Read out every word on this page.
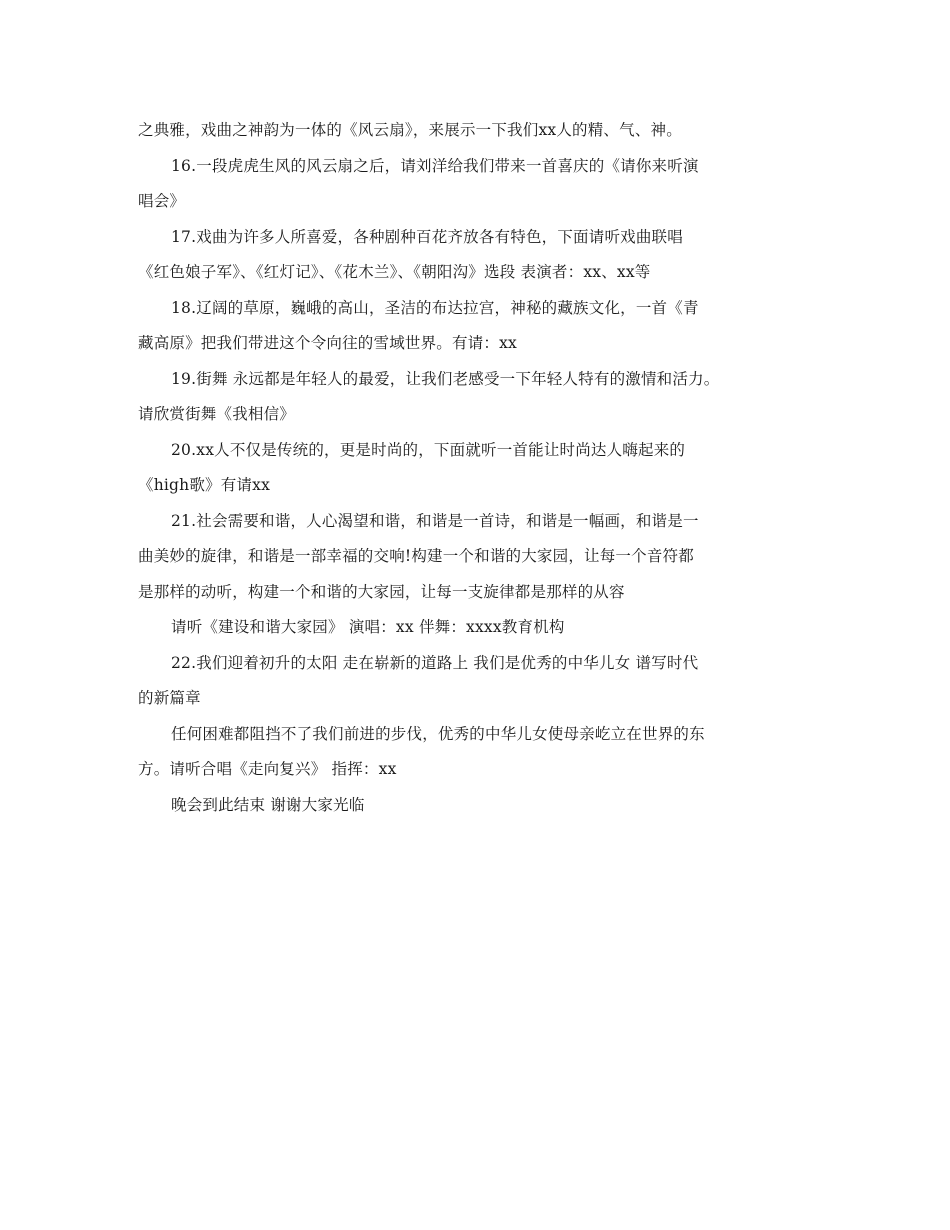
之典雅，戏曲之神韵为一体的《风云扇》，来展示一下我们xx人的精、气、神。
16.一段虎虎生风的风云扇之后，请刘洋给我们带来一首喜庆的《请你来听演
唱会》
17.戏曲为许多人所喜爱，各种剧种百花齐放各有特色，下面请听戏曲联唱
《红色娘子军》、《红灯记》、《花木兰》、《朝阳沟》选段 表演者：xx、xx等
18.辽阔的草原，巍峨的高山，圣洁的布达拉宫，神秘的藏族文化，一首《青
藏高原》把我们带进这个令向往的雪域世界。有请：xx
19.街舞 永远都是年轻人的最爱，让我们老感受一下年轻人特有的激情和活力。
请欣赏街舞《我相信》
20.xx人不仅是传统的，更是时尚的，下面就听一首能让时尚达人嗨起来的
《high歌》有请xx
21.社会需要和谐，人心渴望和谐，和谐是一首诗，和谐是一幅画，和谐是一
曲美妙的旋律，和谐是一部幸福的交响!构建一个和谐的大家园，让每一个音符都
是那样的动听，构建一个和谐的大家园，让每一支旋律都是那样的从容
请听《建设和谐大家园》 演唱：xx 伴舞：xxxx教育机构
22.我们迎着初升的太阳 走在崭新的道路上 我们是优秀的中华儿女 谱写时代
的新篇章
任何困难都阻挡不了我们前进的步伐，优秀的中华儿女使母亲屹立在世界的东
方。请听合唱《走向复兴》 指挥：xx
晚会到此结束 谢谢大家光临
